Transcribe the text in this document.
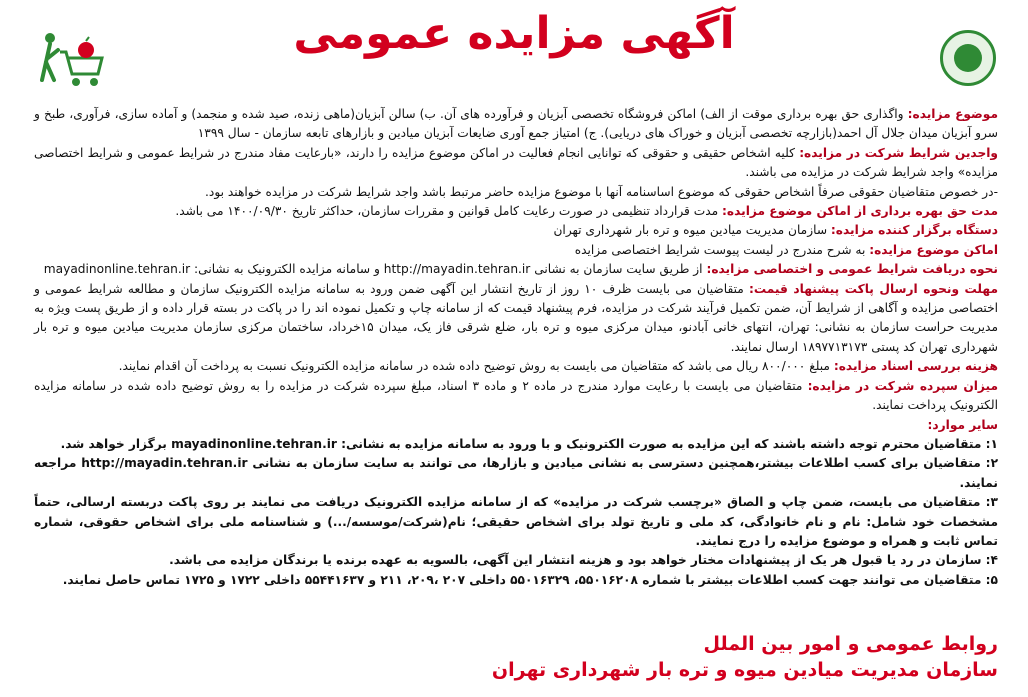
آگهی مزایده عمومی

موضوع مزایده: واگذاری حق بهره برداری موقت از الف) اماکن فروشگاه تخصصی آبزیان و فرآورده های آن. ب) سالن آبزیان(ماهی زنده، صید شده و منجمد) و آماده سازی، فرآوری، طبخ و سرو آبزیان میدان جلال آل احمد(بازارچه تخصصی آبزیان و خوراک های دریایی). ج) امتیاز جمع آوری ضایعات آبزیان میادین و بازارهای تابعه سازمان - سال ۱۳۹۹

واجدین شرایط شرکت در مزایده: کلیه اشخاص حقیقی و حقوقی که توانایی انجام فعالیت در اماکن موضوع مزایده را دارند، «بارعایت مفاد مندرج در شرایط عمومی و شرایط اختصاصی مزایده» واجد شرایط شرکت در مزایده می باشند.

-در خصوص متقاضیان حقوقی صرفاً اشخاص حقوقی که موضوع اساسنامه آنها با موضوع مزایده حاضر مرتبط باشد واجد شرایط شرکت در مزایده خواهند بود.

مدت حق بهره برداری از اماکن موضوع مزایده: مدت قرارداد تنظیمی در صورت رعایت کامل قوانین و مقررات سازمان، حداکثر تاریخ ۱۴۰۰/۰۹/۳۰ می باشد.

دستگاه برگزار کننده مزایده: سازمان مدیریت میادین میوه و تره بار شهرداری تهران

اماکن موضوع مزایده: به شرح مندرج در لیست پیوست شرایط اختصاصی مزایده

نحوه دریافت شرایط عمومی و اختصاصی مزایده: از طریق سایت سازمان به نشانی http://mayadin.tehran.ir و سامانه مزایده الکترونیک به نشانی: mayadinonline.tehran.ir

مهلت ونحوه ارسال پاکت پیشنهاد قیمت: متقاضیان می بایست ظرف ۱۰ روز از تاریخ انتشار این آگهی ضمن ورود به سامانه مزایده الکترونیک سازمان و مطالعه شرایط عمومی و اختصاصی مزایده و آگاهی از شرایط آن، ضمن تکمیل فرآیند شرکت در مزایده، فرم پیشنهاد قیمت که از سامانه چاپ و تکمیل نموده اند را در پاکت در بسته قرار داده و از طریق پست ویژه به مدیریت حراست سازمان به نشانی: تهران، انتهای خانی آبادنو، میدان مرکزی میوه و تره بار، ضلع شرقی فاز یک، میدان ۱۵خرداد، ساختمان مرکزی سازمان مدیریت میادین میوه و تره بار شهرداری تهران کد پستی ۱۸۹۷۷۱۳۱۷۳ ارسال نمایند.

هزینه بررسی اسناد مزایده: مبلغ ۸۰۰/۰۰۰ ریال می باشد که متقاضیان می بایست به روش توضیح داده شده در سامانه مزایده الکترونیک نسبت به پرداخت آن اقدام نمایند.

میزان سپرده شرکت در مزایده: متقاضیان می بایست با رعایت موارد مندرج در ماده ۲ و ماده ۳ اسناد، مبلغ سپرده شرکت در مزایده را به روش توضیح داده شده در سامانه مزایده الکترونیک پرداخت نمایند.

سایر موارد:

۱: متقاضیان محترم توجه داشته باشند که این مزایده به صورت الکترونیک و با ورود به سامانه مزایده به نشانی: mayadinonline.tehran.ir برگزار خواهد شد.

۲: متقاضیان برای کسب اطلاعات بیشتر،همچنین دسترسی به نشانی میادین و بازارها، می توانند به سایت سازمان به نشانی http://mayadin.tehran.ir مراجعه نمایند.

۳: متقاضیان می بایست، ضمن چاپ و الصاق «برچسب شرکت در مزایده» که از سامانه مزایده الکترونیک دریافت می نمایند بر روی پاکت دربسته ارسالی، حتماً مشخصات خود شامل: نام و نام خانوادگی، کد ملی و تاریخ تولد برای اشخاص حقیقی؛ نام(شرکت/موسسه/...) و شناسنامه ملی برای اشخاص حقوقی، شماره تماس ثابت و همراه و موضوع مزایده را درج نمایند.

۴: سازمان در رد یا قبول هر یک از پیشنهادات مختار خواهد بود و هزینه انتشار این آگهی، بالسویه به عهده برنده یا برندگان مزایده می باشد.

۵: متقاضیان می توانند جهت کسب اطلاعات بیشتر با شماره ۵۵۰۱۶۲۰۸، ۵۵۰۱۶۳۲۹ داخلی ۲۰۷ ،۲۰۹، ۲۱۱ و ۵۵۴۴۱۶۳۷ داخلی ۱۷۲۲ و ۱۷۲۵ تماس حاصل نمایند.

روابط عمومی و امور بین الملل
سازمان مدیریت میادین میوه و تره بار شهرداری تهران
